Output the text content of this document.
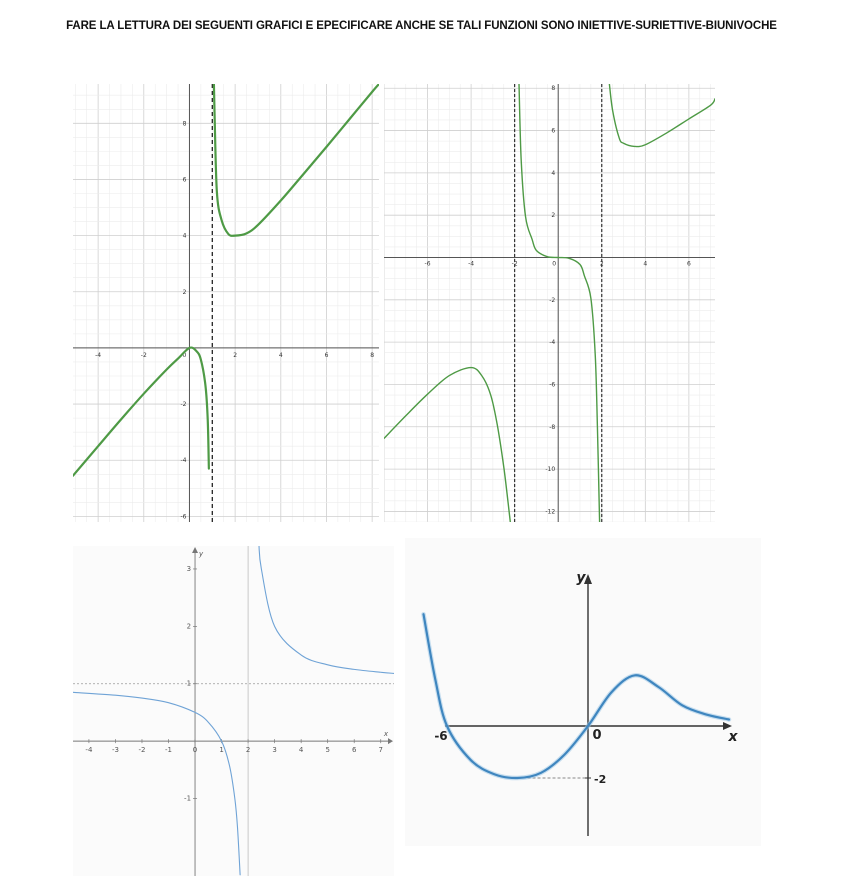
FARE LA LETTURA DEI SEGUENTI GRAFICI E EPECIFICARE ANCHE SE TALI FUNZIONI SONO INIETTIVE-SURIETTIVE-BIUNIVOCHE
-4	-2	0	2	4	6	8
-6
-4
-2
2
4
6
8
-6	-4	-2	0	2	4	6
-12
-10
-8
-6
-4
-2
2
4
6
8
-4	-3	-2	-1	0	1	2	3	4	5	6	7
-1
1
2
3
y
x	-6	0
-2
y
x
